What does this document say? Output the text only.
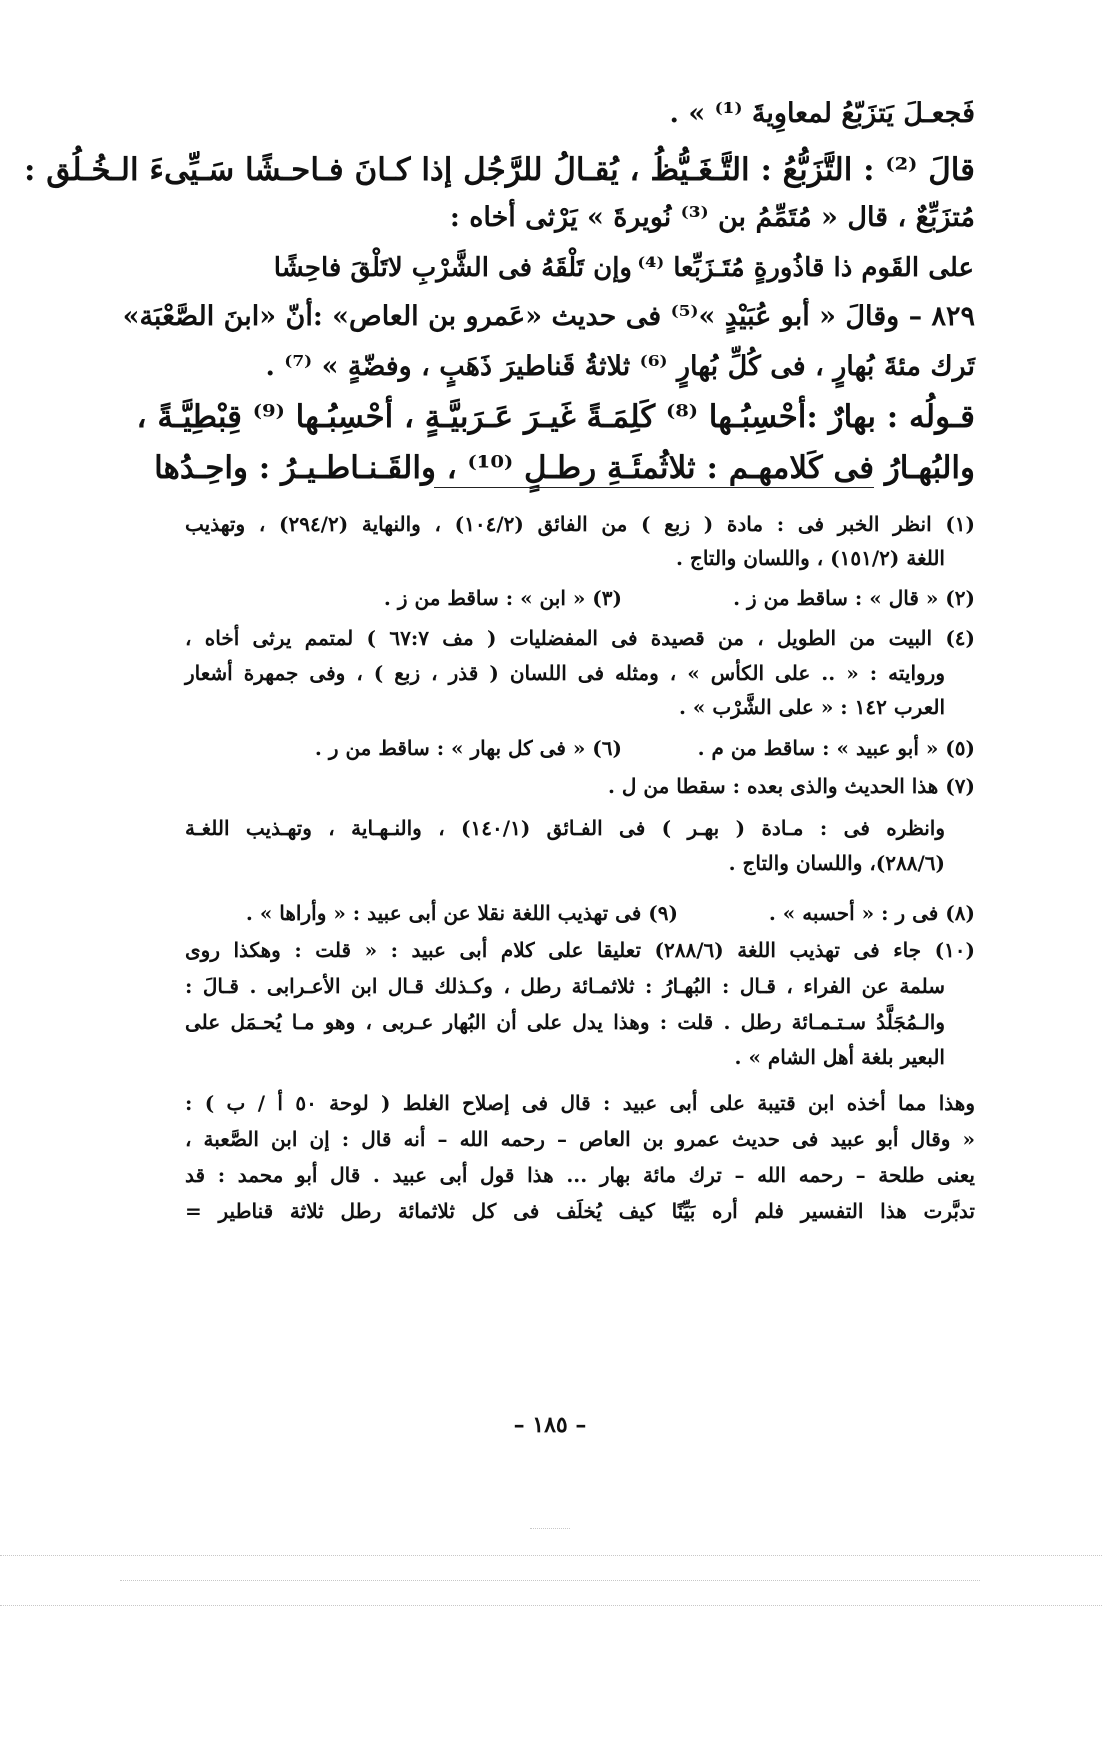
فَجعـلَ يَتزَبّعُ لمعاوِيةَ ⁽¹⁾ » .
قالَ ⁽²⁾ : التَّزَبُّعُ : التَّـغَـيُّظُ ، يُقـالُ للرَّجُل إذا كـانَ فـاحـشًا سَـيِّىءَ الـخُـلُق :
مُتزَبِّعٌ ، قال « مُتَمِّمُ بن ⁽³⁾ نُويرةَ » يَرْثى أخاه :
وإن تَلْقَهُ فى الشَّرْبِ لاتَلْقَ فاحِشًا على القَوم ذا قاذُورةٍ مُتَـزَبِّعا ⁽⁴⁾
٨٢٩ – وقالَ « أبو عُبَيْدٍ »⁽⁵⁾ فى حديث «عَمرو بن العاص» :أنّ «ابنَ الصَّعْبَة»
تَرك مئةَ بُهارٍ ، فى كُلِّ بُهارٍ ⁽⁶⁾ ثلاثةُ قَناطيرَ ذَهَبٍ ، وفضّةٍ » ⁽⁷⁾ .
قـولُه : بهارٌ :أحْسِبُـها ⁽⁸⁾ كَلِمَـةً غَيـرَ عَـرَبيَّـةٍ ، أحْسِبُـها ⁽⁹⁾ قِبْطِيَّـةً ،
والبُهـارُ فى كَلامهـم : ثلاثُمئَـةِ رطـلٍ ⁽¹⁰⁾ ، والقَـنـاطـيـرُ : واحِـدُها
(١) انظر الخبر فى : مادة ( زبع ) من الفائق (١٠٤/٢) ، والنهاية (٢٩٤/٢) ، وتهذيب
اللغة (١٥١/٢) ، واللسان والتاج .
(٢) « قال » : ساقط من ز .
(٣) « ابن » : ساقط من ز .
(٤) البيت من الطويل ، من قصيدة فى المفضليات ( مف ٦٧:٧ ) لمتمم يرثى أخاه ،
وروايته : « .. على الكأس » ، ومثله فى اللسان ( قذر ، زبع ) ، وفى جمهرة أشعار
العرب ١٤٢ : « على الشَّرْب » .
(٥) « أبو عبيد » : ساقط من م .
(٦) « فى كل بهار » : ساقط من ر .
(٧) هذا الحديث والذى بعده : سقطا من ل .
وانظره فى : مـادة ( بهـر ) فى الفـائق (١٤٠/١) ، والنـهـاية ، وتهـذيب اللغـة
(٢٨٨/٦)، واللسان والتاج .
(٨) فى ر : « أحسبه » .
(٩) فى تهذيب اللغة نقلا عن أبى عبيد : « وأراها » .
(١٠) جاء فى تهذيب اللغة (٢٨٨/٦) تعليقا على كلام أبى عبيد : « قلت : وهكذا روى
سلمة عن الفراء ، قـال : البُهـارُ : ثلاثمـائة رطل ، وكـذلك قـال ابن الأعـرابى . قـالَ :
والـمُجَلَّدُ سـتـمـائة رطل . قلت : وهذا يدل على أن البُهار عـربى ، وهو مـا يُحـمَل على
البعير بلغة أهل الشام » .
وهذا مما أخذه ابن قتيبة على أبى عبيد : قال فى إصلاح الغلط ( لوحة ٥٠ أ / ب ) :
« وقال أبو عبيد فى حديث عمرو بن العاص – رحمه الله – أنه قال : إن ابن الصَّعبة ،
يعنى طلحة – رحمه الله – ترك مائة بهار ... هذا قول أبى عبيد . قال أبو محمد : قد
تدبَّرت هذا التفسير فلم أره بَيِّنًا كيف يُخلَف فى كل ثلاثمائة رطل ثلاثة قناطير =
– ١٨٥ –
